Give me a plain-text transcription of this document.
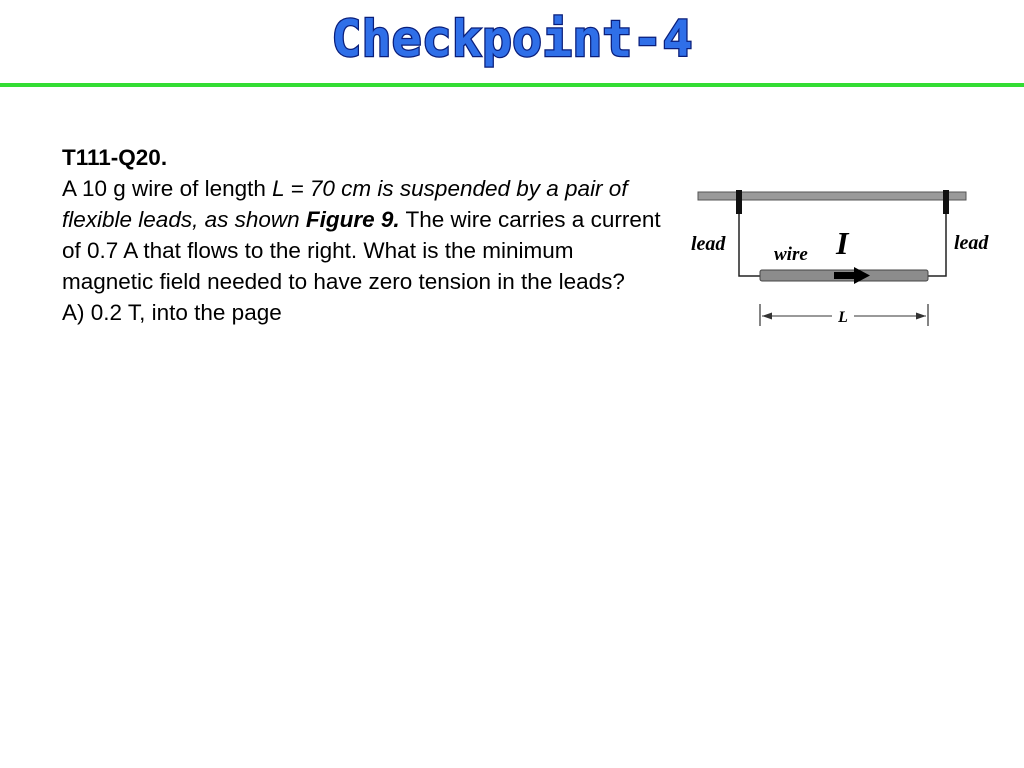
Checkpoint-4
T111-Q20.
A 10 g wire of length L = 70 cm is suspended by a pair of flexible leads, as shown Figure 9. The wire carries a current of 0.7 A that flows to the right. What is the minimum magnetic field needed to have zero tension in the leads?
A) 0.2 T, into the page
lead	lead
wire I
L
